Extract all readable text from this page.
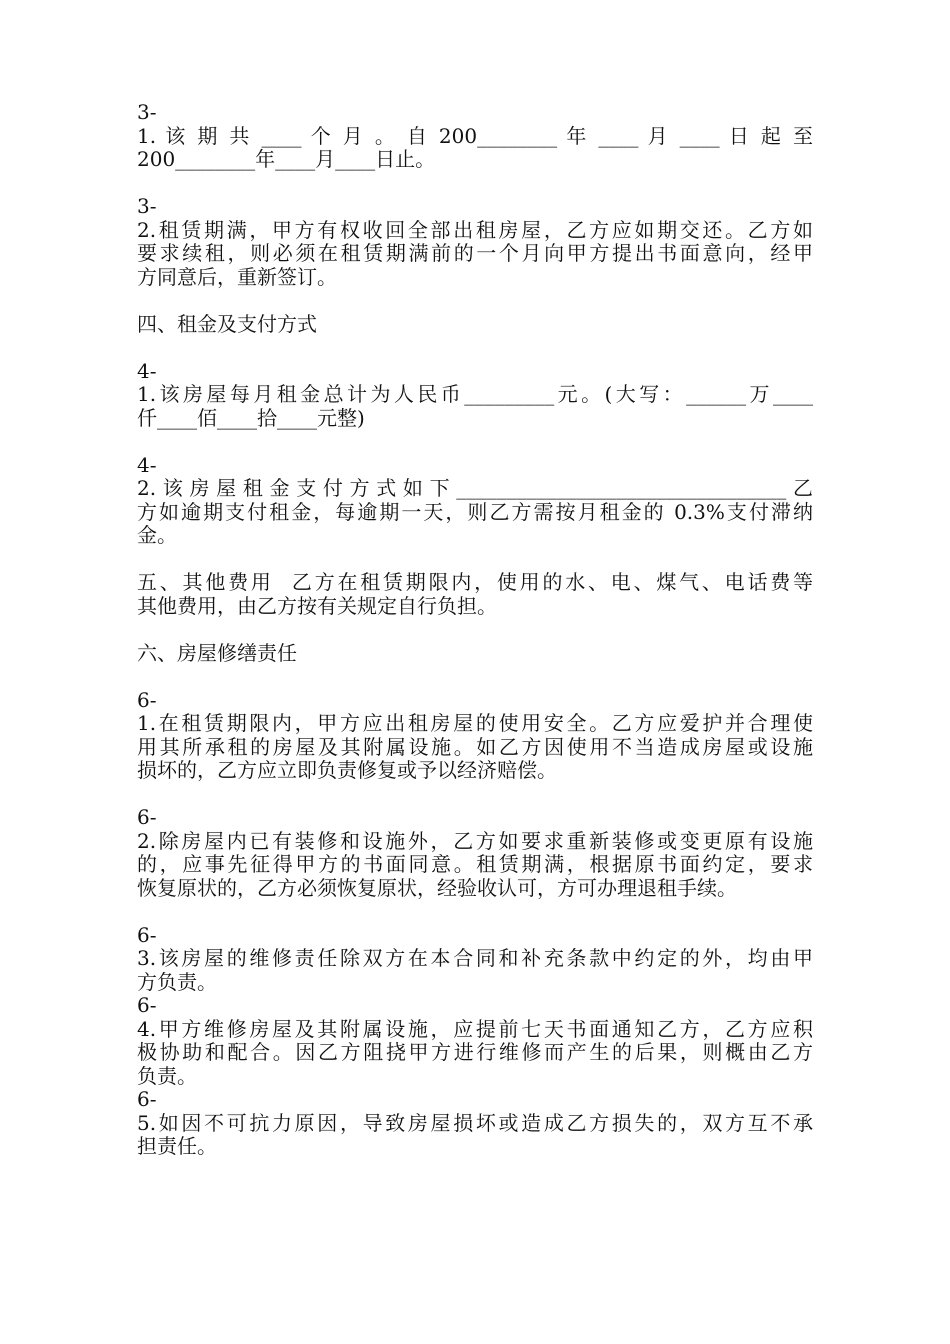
3-
1. 该 期 共 ____ 个 月 。 自 200________ 年 ____ 月 ____ 日 起 至
200________年____月____日止。
3-
2.租赁期满，甲方有权收回全部出租房屋，乙方应如期交还。乙方如
要求续租，则必须在租赁期满前的一个月向甲方提出书面意向，经甲
方同意后，重新签订。
四、租金及支付方式
4-
1.该房屋每月租金总计为人民币_________元。(大写：______万____
仟____佰____拾____元整)
4-
2.该房屋租金支付方式如下_________________________________乙
方如逾期支付租金，每逾期一天，则乙方需按月租金的 0.3%支付滞纳
金。
五、其他费用  乙方在租赁期限内，使用的水、电、煤气、电话费等
其他费用，由乙方按有关规定自行负担。
六、房屋修缮责任
6-
1.在租赁期限内，甲方应出租房屋的使用安全。乙方应爱护并合理使
用其所承租的房屋及其附属设施。如乙方因使用不当造成房屋或设施
损坏的，乙方应立即负责修复或予以经济赔偿。
6-
2.除房屋内已有装修和设施外，乙方如要求重新装修或变更原有设施
的，应事先征得甲方的书面同意。租赁期满，根据原书面约定，要求
恢复原状的，乙方必须恢复原状，经验收认可，方可办理退租手续。
6-
3.该房屋的维修责任除双方在本合同和补充条款中约定的外，均由甲
方负责。
6-
4.甲方维修房屋及其附属设施，应提前七天书面通知乙方，乙方应积
极协助和配合。因乙方阻挠甲方进行维修而产生的后果，则概由乙方
负责。
6-
5.如因不可抗力原因，导致房屋损坏或造成乙方损失的，双方互不承
担责任。
